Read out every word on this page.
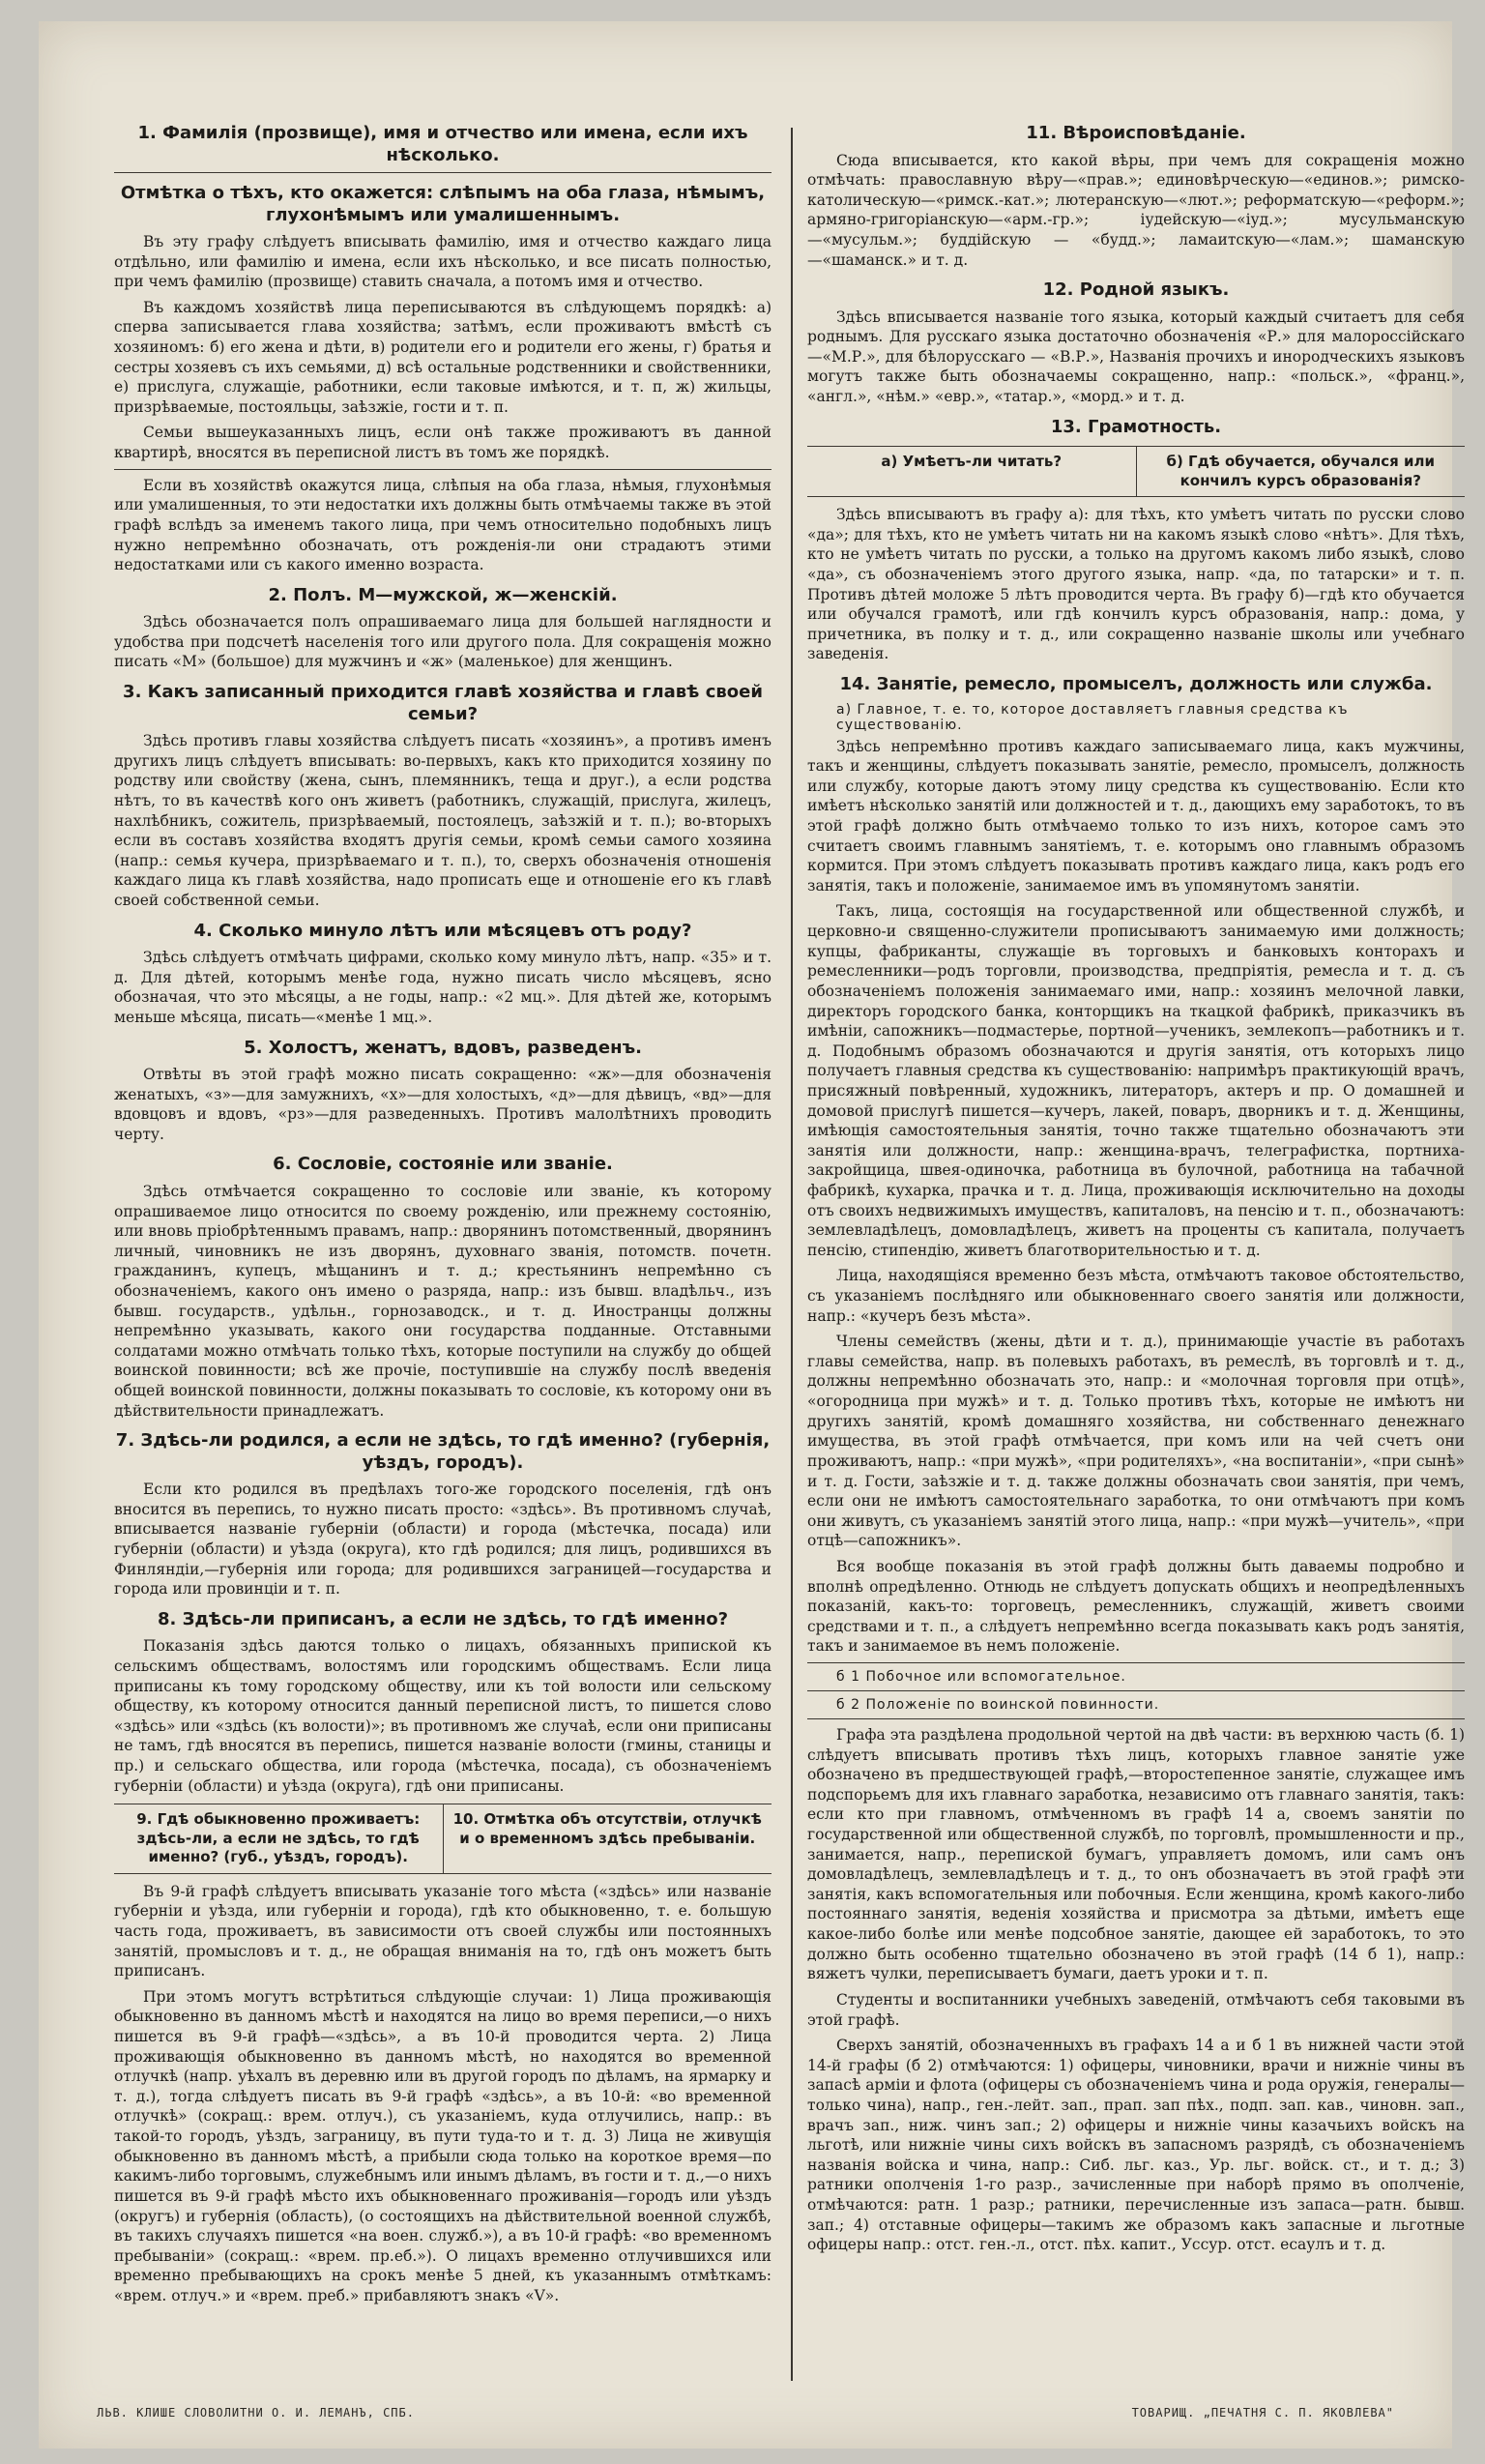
1. Фамилія (прозвище), имя и отчество или имена, если ихъ нѣсколько.
Отмѣтка о тѣхъ, кто окажется: слѣпымъ на оба глаза, нѣмымъ, глухонѣмымъ или умалишеннымъ.

Въ эту графу слѣдуетъ вписывать фамилію, имя и отчество каждаго лица отдѣльно, или фамилію и имена, если ихъ нѣсколько, и все писать полностью, при чемъ фамилію (прозвище) ставить сначала, а потомъ имя и отчество.

Въ каждомъ хозяйствѣ лица переписываются въ слѣдующемъ порядкѣ: а) сперва записывается глава хозяйства; затѣмъ, если проживаютъ вмѣстѣ съ хозяиномъ: б) его жена и дѣти, в) родители его и родители его жены, г) братья и сестры хозяевъ съ ихъ семьями, д) всѣ остальные родственники и свойственники, е) прислуга, служащіе, работники, если таковые имѣются, и т. п, ж) жильцы, призрѣваемые, постояльцы, заѣзжіе, гости и т. п.

Семьи вышеуказанныхъ лицъ, если онѣ также проживаютъ въ данной квартирѣ, вносятся въ переписной листъ въ томъ же порядкѣ.

Если въ хозяйствѣ окажутся лица, слѣпыя на оба глаза, нѣмыя, глухонѣмыя или умалишенныя, то эти недостатки ихъ должны быть отмѣчаемы также въ этой графѣ вслѣдъ за именемъ такого лица, при чемъ относительно подобныхъ лицъ нужно непремѣнно обозначать, отъ рожденія-ли они страдаютъ этими недостатками или съ какого именно возраста.

2. Полъ. М—мужской, ж—женскій.

Здѣсь обозначается полъ опрашиваемаго лица для большей наглядности и удобства при подсчетѣ населенія того или другого пола. Для сокращенія можно писать «М» (большое) для мужчинъ и «ж» (маленькое) для женщинъ.

3. Какъ записанный приходится главѣ хозяйства и главѣ своей семьи?

Здѣсь противъ главы хозяйства слѣдуетъ писать «хозяинъ», а противъ именъ другихъ лицъ слѣдуетъ вписывать: во-первыхъ, какъ кто приходится хозяину по родству или свойству (жена, сынъ, племянникъ, теща и друг.), а если родства нѣтъ, то въ качествѣ кого онъ живетъ (работникъ, служащій, прислуга, жилецъ, нахлѣбникъ, сожитель, призрѣваемый, постоялецъ, заѣзжій и т. п.); во-вторыхъ если въ составъ хозяйства входятъ другія семьи, кромѣ семьи самого хозяина (напр.: семья кучера, призрѣваемаго и т. п.), то, сверхъ обозначенія отношенія каждаго лица къ главѣ хозяйства, надо прописать еще и отношеніе его къ главѣ своей собственной семьи.

4. Сколько минуло лѣтъ или мѣсяцевъ отъ роду?

Здѣсь слѣдуетъ отмѣчать цифрами, сколько кому минуло лѣтъ, напр. «35» и т. д. Для дѣтей, которымъ менѣе года, нужно писать число мѣсяцевъ, ясно обозначая, что это мѣсяцы, а не годы, напр.: «2 мц.». Для дѣтей же, которымъ меньше мѣсяца, писать—«менѣе 1 мц.».

5. Холостъ, женатъ, вдовъ, разведенъ.

Отвѣты въ этой графѣ можно писать сокращенно: «ж»—для обозначенія женатыхъ, «з»—для замужнихъ, «х»—для холостыхъ, «д»—для дѣвицъ, «вд»—для вдовцовъ и вдовъ, «рз»—для разведенныхъ. Противъ малолѣтнихъ проводить черту.

6. Сословіе, состояніе или званіе.

Здѣсь отмѣчается сокращенно то сословіе или званіе, къ которому опрашиваемое лицо относится по своему рожденію, или прежнему состоянію, или вновь пріобрѣтеннымъ правамъ, напр.: дворянинъ потомственный, дворянинъ личный, чиновникъ не изъ дворянъ, духовнаго званія, потомств. почетн. гражданинъ, купецъ, мѣщанинъ и т. д.; крестьянинъ непремѣнно съ обозначеніемъ, какого онъ имено о разряда, напр.: изъ бывш. владѣльч., изъ бывш. государств., удѣльн., горнозаводск., и т. д. Иностранцы должны непремѣнно указывать, какого они государства подданные. Отставными солдатами можно отмѣчать только тѣхъ, которые поступили на службу до общей воинской повинности; всѣ же прочіе, поступившіе на службу послѣ введенія общей воинской повинности, должны показывать то сословіе, къ которому они въ дѣйствительности принадлежатъ.

7. Здѣсь-ли родился, а если не здѣсь, то гдѣ именно? (губернія, уѣздъ, городъ).

Если кто родился въ предѣлахъ того-же городского поселенія, гдѣ онъ вносится въ перепись, то нужно писать просто: «здѣсь». Въ противномъ случаѣ, вписывается названіе губерніи (области) и города (мѣстечка, посада) или губерніи (области) и уѣзда (округа), кто гдѣ родился; для лицъ, родившихся въ Финляндіи,—губернія или города; для родившихся заграницей—государства и города или провинціи и т. п.

8. Здѣсь-ли приписанъ, а если не здѣсь, то гдѣ именно?

Показанія здѣсь даются только о лицахъ, обязанныхъ припиской къ сельскимъ обществамъ, волостямъ или городскимъ обществамъ. Если лица приписаны къ тому городскому обществу, или къ той волости или сельскому обществу, къ которому относится данный переписной листъ, то пишется слово «здѣсь» или «здѣсь (къ волости)»; въ противномъ же случаѣ, если они приписаны не тамъ, гдѣ вносятся въ перепись, пишется названіе волости (гмины, станицы и пр.) и сельскаго общества, или города (мѣстечка, посада), съ обозначеніемъ губерніи (области) и уѣзда (округа), гдѣ они приписаны.

9. Гдѣ обыкновенно проживаетъ: здѣсь-ли, а если не здѣсь, то гдѣ именно? (губ., уѣздъ, городъ).
10. Отмѣтка объ отсутствіи, отлучкѣ и о временномъ здѣсь пребываніи.

Въ 9-й графѣ слѣдуетъ вписывать указаніе того мѣста («здѣсь» или названіе губерніи и уѣзда, или губерніи и города), гдѣ кто обыкновенно, т. е. большую часть года, проживаетъ, въ зависимости отъ своей службы или постоянныхъ занятій, промысловъ и т. д., не обращая вниманія на то, гдѣ онъ можетъ быть приписанъ.

При этомъ могутъ встрѣтиться слѣдующіе случаи: 1) Лица проживающія обыкновенно въ данномъ мѣстѣ и находятся на лицо во время переписи,—о нихъ пишется въ 9-й графѣ—«здѣсь», а въ 10-й проводится черта. 2) Лица проживающія обыкновенно въ данномъ мѣстѣ, но находятся во временной отлучкѣ (напр. уѣхалъ въ деревню или въ другой городъ по дѣламъ, на ярмарку и т. д.), тогда слѣдуетъ писать въ 9-й графѣ «здѣсь», а въ 10-й: «во временной отлучкѣ» (сокращ.: врем. отлуч.), съ указаніемъ, куда отлучились, напр.: въ такой-то городъ, уѣздъ, заграницу, въ пути туда-то и т. д. 3) Лица не живущія обыкновенно въ данномъ мѣстѣ, а прибыли сюда только на короткое время—по какимъ-либо торговымъ, служебнымъ или инымъ дѣламъ, въ гости и т. д.,—о нихъ пишется въ 9-й графѣ мѣсто ихъ обыкновеннаго проживанія—городъ или уѣздъ (округъ) и губернія (область), (о состоящихъ на дѣйствительной военной службѣ, въ такихъ случаяхъ пишется «на воен. служб.»), а въ 10-й графѣ: «во временномъ пребываніи» (сокращ.: «врем. пр.еб.»). О лицахъ временно отлучившихся или временно пребывающихъ на срокъ менѣе 5 дней, къ указаннымъ отмѣткамъ: «врем. отлуч.» и «врем. преб.» прибавляютъ знакъ «V».

11. Вѣроисповѣданіе.

Сюда вписывается, кто какой вѣры, при чемъ для сокращенія можно отмѣчать: православную вѣру—«прав.»; единовѣрческую—«единов.»; римско-католическую—«римск.-кат.»; лютеранскую—«лют.»; реформатскую—«реформ.»; армяно-григоріанскую—«арм.-гр.»; іудейскую—«іуд.»; мусульманскую—«мусульм.»; буддійскую — «будд.»; ламаитскую—«лам.»; шаманскую—«шаманск.» и т. д.

12. Родной языкъ.

Здѣсь вписывается названіе того языка, который каждый считаетъ для себя роднымъ. Для русскаго языка достаточно обозначенія «Р.» для малороссійскаго—«М.Р.», для бѣлорусскаго — «В.Р.», Названія прочихъ и инородческихъ языковъ могутъ также быть обозначаемы сокращенно, напр.: «польск.», «франц.», «англ.», «нѣм.» «евр.», «татар.», «морд.» и т. д.

13. Грамотность.
а) Умѣетъ-ли читать?	б) Гдѣ обучается, обучался или кончилъ курсъ образованія?

Здѣсь вписываютъ въ графу а): для тѣхъ, кто умѣетъ читать по русски слово «да»; для тѣхъ, кто не умѣетъ читать ни на какомъ языкѣ слово «нѣтъ». Для тѣхъ, кто не умѣетъ читать по русски, а только на другомъ какомъ либо языкѣ, слово «да», съ обозначеніемъ этого другого языка, напр. «да, по татарски» и т. п. Противъ дѣтей моложе 5 лѣтъ проводится черта. Въ графу б)—гдѣ кто обучается или обучался грамотѣ, или гдѣ кончилъ курсъ образованія, напр.: дома, у причетника, въ полку и т. д., или сокращенно названіе школы или учебнаго заведенія.

14. Занятіе, ремесло, промыселъ, должность или служба.
а) Главное, т. е. то, которое доставляетъ главныя средства къ существованію.

Здѣсь непремѣнно противъ каждаго записываемаго лица, какъ мужчины, такъ и женщины, слѣдуетъ показывать занятіе, ремесло, промыселъ, должность или службу, которые даютъ этому лицу средства къ существованію. Если кто имѣетъ нѣсколько занятій или должностей и т. д., дающихъ ему заработокъ, то въ этой графѣ должно быть отмѣчаемо только то изъ нихъ, которое самъ это считаетъ своимъ главнымъ занятіемъ, т. е. которымъ оно главнымъ образомъ кормится. При этомъ слѣдуетъ показывать противъ каждаго лица, какъ родъ его занятія, такъ и положеніе, занимаемое имъ въ упомянутомъ занятіи.

Такъ, лица, состоящія на государственной или общественной службѣ, и церковно-и священно-служители прописываютъ занимаемую ими должность; купцы, фабриканты, служащіе въ торговыхъ и банковыхъ конторахъ и ремесленники—родъ торговли, производства, предпріятія, ремесла и т. д. съ обозначеніемъ положенія занимаемаго ими, напр.: хозяинъ мелочной лавки, директоръ городского банка, конторщикъ на ткацкой фабрикѣ, приказчикъ въ имѣніи, сапожникъ—подмастерье, портной—ученикъ, землекопъ—работникъ и т. д. Подобнымъ образомъ обозначаются и другія занятія, отъ которыхъ лицо получаетъ главныя средства къ существованію: напримѣръ практикующій врачъ, присяжный повѣренный, художникъ, литераторъ, актеръ и пр. О домашней и домовой прислугѣ пишется—кучеръ, лакей, поваръ, дворникъ и т. д. Женщины, имѣющія самостоятельныя занятія, точно также тщательно обозначаютъ эти занятія или должности, напр.: женщина-врачъ, телеграфистка, портниха-закройщица, швея-одиночка, работница въ булочной, работница на табачной фабрикѣ, кухарка, прачка и т. д. Лица, проживающія исключительно на доходы отъ своихъ недвижимыхъ имуществъ, капиталовъ, на пенсію и т. п., обозначаютъ: землевладѣлецъ, домовладѣлецъ, живетъ на проценты съ капитала, получаетъ пенсію, стипендію, живетъ благотворительностью и т. д.

Лица, находящіяся временно безъ мѣста, отмѣчаютъ таковое обстоятельство, съ указаніемъ послѣдняго или обыкновеннаго своего занятія или должности, напр.: «кучеръ безъ мѣста».

Члены семействъ (жены, дѣти и т. д.), принимающіе участіе въ работахъ главы семейства, напр. въ полевыхъ работахъ, въ ремеслѣ, въ торговлѣ и т. д., должны непремѣнно обозначать это, напр.: и «молочная торговля при отцѣ», «огородница при мужѣ» и т. д. Только противъ тѣхъ, которые не имѣютъ ни другихъ занятій, кромѣ домашняго хозяйства, ни собственнаго денежнаго имущества, въ этой графѣ отмѣчается, при комъ или на чей счетъ они проживаютъ, напр.: «при мужѣ», «при родителяхъ», «на воспитаніи», «при сынѣ» и т. д. Гости, заѣзжіе и т. д. также должны обозначать свои занятія, при чемъ, если они не имѣютъ самостоятельнаго заработка, то они отмѣчаютъ при комъ они живутъ, съ указаніемъ занятій этого лица, напр.: «при мужѣ—учитель», «при отцѣ—сапожникъ».

Вся вообще показанія въ этой графѣ должны быть даваемы подробно и вполнѣ опредѣленно. Отнюдь не слѣдуетъ допускать общихъ и неопредѣленныхъ показаній, какъ-то: торговецъ, ремесленникъ, служащій, живетъ своими средствами и т. п., а слѣдуетъ непремѣнно всегда показывать какъ родъ занятія, такъ и занимаемое въ немъ положеніе.

б 1 Побочное или вспомогательное.
б 2 Положеніе по воинской повинности.

Графа эта раздѣлена продольной чертой на двѣ части: въ верхнюю часть (б. 1) слѣдуетъ вписывать противъ тѣхъ лицъ, которыхъ главное занятіе уже обозначено въ предшествующей графѣ,—второстепенное занятіе, служащее имъ подспорьемъ для ихъ главнаго заработка, независимо отъ главнаго занятія, такъ: если кто при главномъ, отмѣченномъ въ графѣ 14 а, своемъ занятіи по государственной или общественной службѣ, по торговлѣ, промышленности и пр., занимается, напр., перепиской бумагъ, управляетъ домомъ, или самъ онъ домовладѣлецъ, землевладѣлецъ и т. д., то онъ обозначаетъ въ этой графѣ эти занятія, какъ вспомогательныя или побочныя. Если женщина, кромѣ какого-либо постояннаго занятія, веденія хозяйства и присмотра за дѣтьми, имѣетъ еще какое-либо болѣе или менѣе подсобное занятіе, дающее ей заработокъ, то это должно быть особенно тщательно обозначено въ этой графѣ (14 б 1), напр.: вяжетъ чулки, переписываетъ бумаги, даетъ уроки и т. п.

Студенты и воспитанники учебныхъ заведеній, отмѣчаютъ себя таковыми въ этой графѣ.

Сверхъ занятій, обозначенныхъ въ графахъ 14 а и б 1 въ нижней части этой 14-й графы (б 2) отмѣчаются: 1) офицеры, чиновники, врачи и нижніе чины въ запасѣ арміи и флота (офицеры съ обозначеніемъ чина и рода оружія, генералы—только чина), напр., ген.-лейт. зап., прап. зап пѣх., подп. зап. кав., чиновн. зап., врачъ зап., ниж. чинъ зап.; 2) офицеры и нижніе чины казачьихъ войскъ на льготѣ, или нижніе чины сихъ войскъ въ запасномъ разрядѣ, съ обозначеніемъ названія войска и чина, напр.: Сиб. льг. каз., Ур. льг. войск. ст., и т. д.; 3) ратники ополченія 1-го разр., зачисленные при наборѣ прямо въ ополченіе, отмѣчаются: ратн. 1 разр.; ратники, перечисленные изъ запаса—ратн. бывш. зап.; 4) отставные офицеры—такимъ же образомъ какъ запасные и льготные офицеры напр.: отст. ген.-л., отст. пѣх. капит., Уссур. отст. есаулъ и т. д.

ЛЬВ. КЛИШЕ СЛОВОЛИТНИ О. И. ЛЕМАНЪ, СПБ.	ТОВАРИЩ. „ПЕЧАТНЯ С. П. ЯКОВЛЕВА"
